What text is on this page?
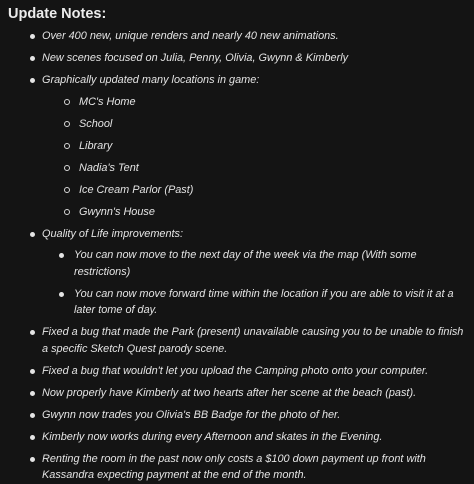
Update Notes:
Over 400 new, unique renders and nearly 40 new animations.
New scenes focused on Julia, Penny, Olivia, Gwynn & Kimberly
Graphically updated many locations in game:
MC's Home
School
Library
Nadia's Tent
Ice Cream Parlor (Past)
Gwynn's House
Quality of Life improvements:
You can now move to the next day of the week via the map (With some restrictions)
You can now move forward time within the location if you are able to visit it at a later tome of day.
Fixed a bug that made the Park (present) unavailable causing you to be unable to finish a specific Sketch Quest parody scene.
Fixed a bug that wouldn't let you upload the Camping photo onto your computer.
Now properly have Kimberly at two hearts after her scene at the beach (past).
Gwynn now trades you Olivia's BB Badge for the photo of her.
Kimberly now works during every Afternoon and skates in the Evening.
Renting the room in the past now only costs a $100 down payment up front with Kassandra expecting payment at the end of the month.
